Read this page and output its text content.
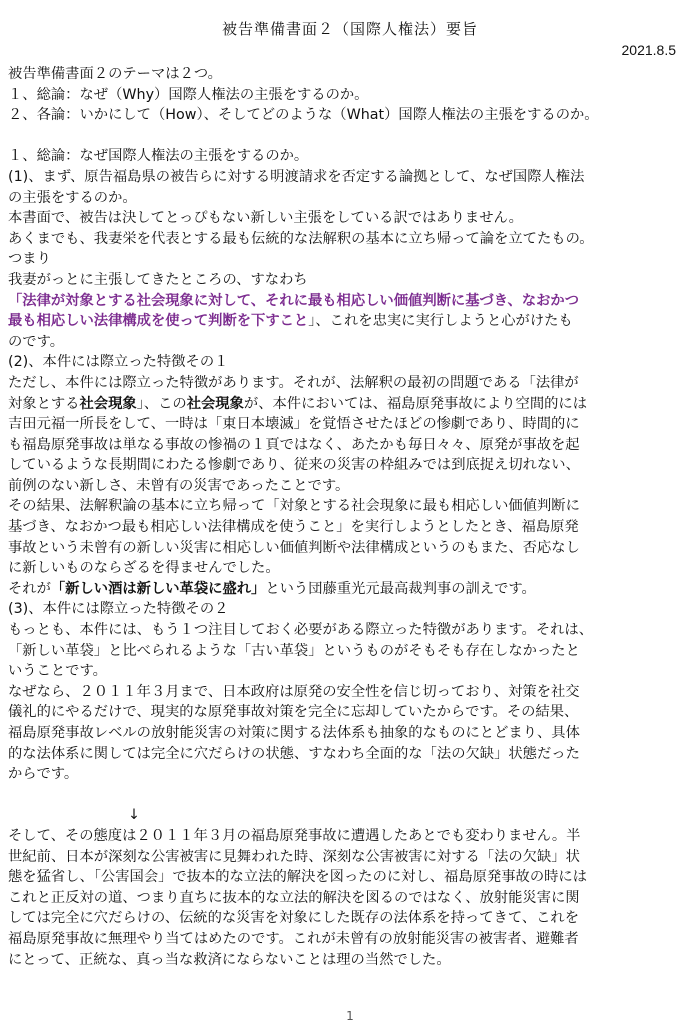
被告準備書面２（国際人権法）要旨
2021.8.5

被告準備書面２のテーマは２つ。

１、総論：なぜ（Why）国際人権法の主張をするのか。

２、各論：いかにして（How）、そしてどのような（What）国際人権法の主張をするのか。

１、総論：なぜ国際人権法の主張をするのか。

(1)、まず、原告福島県の被告らに対する明渡請求を否定する論拠として、なぜ国際人権法

の主張をするのか。

本書面で、被告は決してとっぴもない新しい主張をしている訳ではありません。

あくまでも、我妻栄を代表とする最も伝統的な法解釈の基本に立ち帰って論を立てたもの。

つまり

我妻がっとに主張してきたところの、すなわち

「法律が対象とする社会現象に対して、それに最も相応しい価値判断に基づき、なおかつ

最も相応しい法律構成を使って判断を下すこと」、これを忠実に実行しようと心がけたも

のです。

(2)、本件には際立った特徴その１

ただし、本件には際立った特徴があります。それが、法解釈の最初の問題である「法律が

対象とする社会現象」、この社会現象が、本件においては、福島原発事故により空間的には

吉田元福一所長をして、一時は「東日本壊滅」を覚悟させたほどの惨劇であり、時間的に

も福島原発事故は単なる事故の惨禍の１頁ではなく、あたかも毎日々々、原発が事故を起

しているような長期間にわたる惨劇であり、従来の災害の枠組みでは到底捉え切れない、

前例のない新しさ、未曾有の災害であったことです。

その結果、法解釈論の基本に立ち帰って「対象とする社会現象に最も相応しい価値判断に

基づき、なおかつ最も相応しい法律構成を使うこと」を実行しようとしたとき、福島原発

事故という未曾有の新しい災害に相応しい価値判断や法律構成というのもまた、否応なし

に新しいものならざるを得ませんでした。

それが「新しい酒は新しい革袋に盛れ」という団藤重光元最高裁判事の訓えです。

(3)、本件には際立った特徴その２

もっとも、本件には、もう１つ注目しておく必要がある際立った特徴があります。それは、

「新しい革袋」と比べられるような「古い革袋」というものがそもそも存在しなかったと

いうことです。

なぜなら、２０１１年３月まで、日本政府は原発の安全性を信じ切っており、対策を社交

儀礼的にやるだけで、現実的な原発事故対策を完全に忘却していたからです。その結果、

福島原発事故レベルの放射能災害の対策に関する法体系も抽象的なものにとどまり、具体

的な法体系に関しては完全に穴だらけの状態、すなわち全面的な「法の欠缺」状態だった

からです。

↓

そして、その態度は２０１１年３月の福島原発事故に遭遇したあとでも変わりません。半

世紀前、日本が深刻な公害被害に見舞われた時、深刻な公害被害に対する「法の欠缺」状

態を猛省し、「公害国会」で抜本的な立法的解決を図ったのに対し、福島原発事故の時には

これと正反対の道、つまり直ちに抜本的な立法的解決を図るのではなく、放射能災害に関

しては完全に穴だらけの、伝統的な災害を対象にした既存の法体系を持ってきて、これを

福島原発事故に無理やり当てはめたのです。これが未曾有の放射能災害の被害者、避難者

にとって、正統な、真っ当な救済にならないことは理の当然でした。

1
